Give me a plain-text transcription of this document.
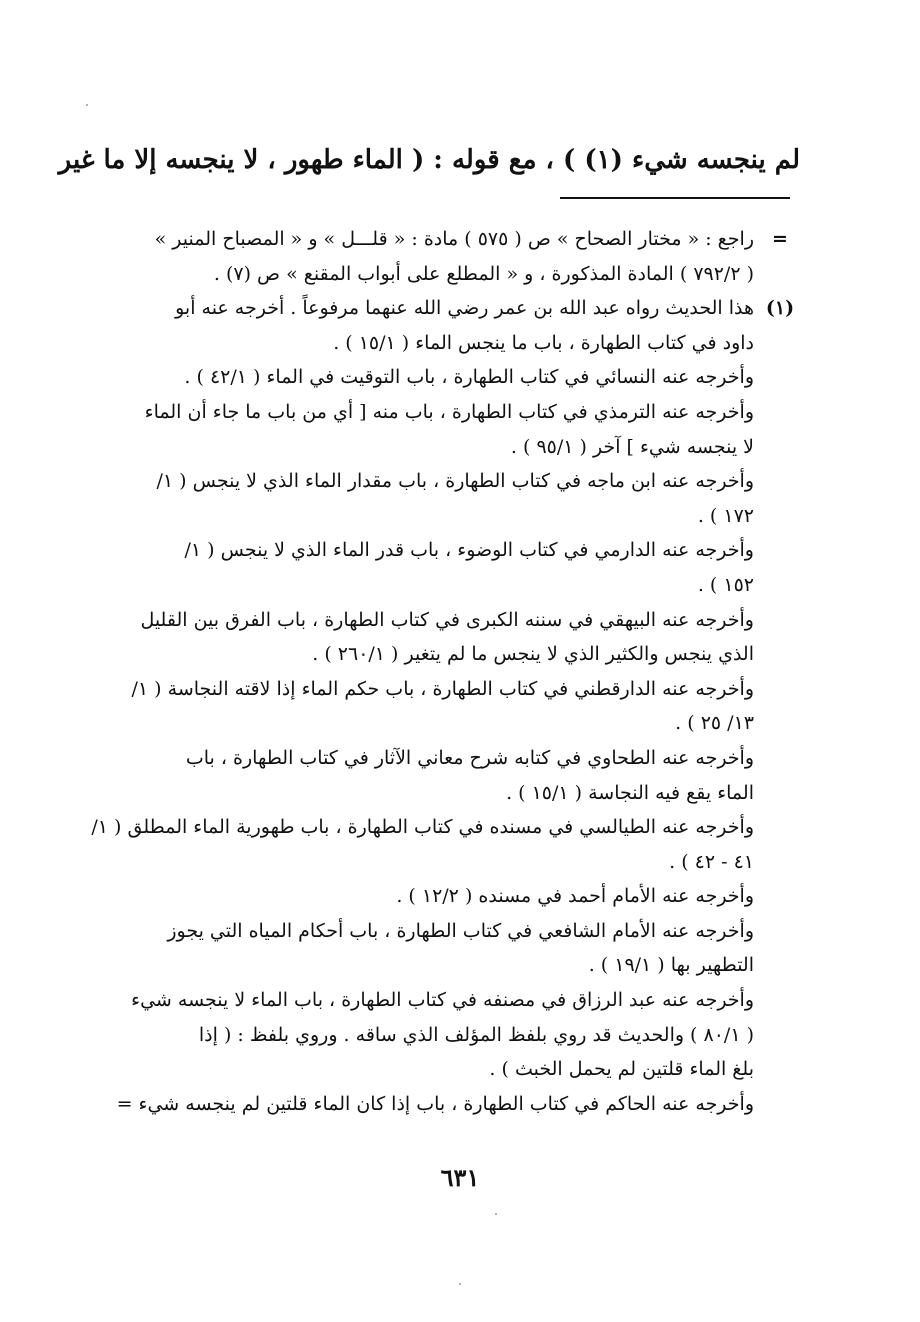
لم ينجسه شيء (١) ) ، مع قوله : ( الماء طهور ، لا ينجسه إلا ما غير
=
راجع : « مختار الصحاح » ص ( ٥٧٥ ) مادة : « قلـــل » و « المصباح المنير »
( ٧٩٢/٢ ) المادة المذكورة ، و « المطلع على أبواب المقنع » ص (٧) .
(١)
هذا الحديث رواه عبد الله بن عمر رضي الله عنهما مرفوعاً . أخرجه عنه أبو
داود في كتاب الطهارة ، باب ما ينجس الماء ( ١٥/١ ) .
وأخرجه عنه النسائي في كتاب الطهارة ، باب التوقيت في الماء ( ٤٢/١ ) .
وأخرجه عنه الترمذي في كتاب الطهارة ، باب منه [ أي من باب ما جاء أن الماء
لا ينجسه شيء ] آخر ( ٩٥/١ ) .
وأخرجه عنه ابن ماجه في كتاب الطهارة ، باب مقدار الماء الذي لا ينجس ( ١/
١٧٢ ) .
وأخرجه عنه الدارمي في كتاب الوضوء ، باب قدر الماء الذي لا ينجس ( ١/
١٥٢ ) .
وأخرجه عنه البيهقي في سننه الكبرى في كتاب الطهارة ، باب الفرق بين القليل
الذي ينجس والكثير الذي لا ينجس ما لم يتغير ( ٢٦٠/١ ) .
وأخرجه عنه الدارقطني في كتاب الطهارة ، باب حكم الماء إذا لاقته النجاسة ( ١/
١٣/ ٢٥ ) .
وأخرجه عنه الطحاوي في كتابه شرح معاني الآثار في كتاب الطهارة ، باب
الماء يقع فيه النجاسة ( ١٥/١ ) .
وأخرجه عنه الطيالسي في مسنده في كتاب الطهارة ، باب طهورية الماء المطلق ( ١/
٤١ - ٤٢ ) .
وأخرجه عنه الأمام أحمد في مسنده ( ١٢/٢ ) .
وأخرجه عنه الأمام الشافعي في كتاب الطهارة ، باب أحكام المياه التي يجوز
التطهير بها ( ١٩/١ ) .
وأخرجه عنه عبد الرزاق في مصنفه في كتاب الطهارة ، باب الماء لا ينجسه شيء
( ٨٠/١ ) والحديث قد روي بلفظ المؤلف الذي ساقه . وروي بلفظ : ( إذا
بلغ الماء قلتين لم يحمل الخبث ) .
وأخرجه عنه الحاكم في كتاب الطهارة ، باب إذا كان الماء قلتين لم ينجسه شيء =
٦٣١
